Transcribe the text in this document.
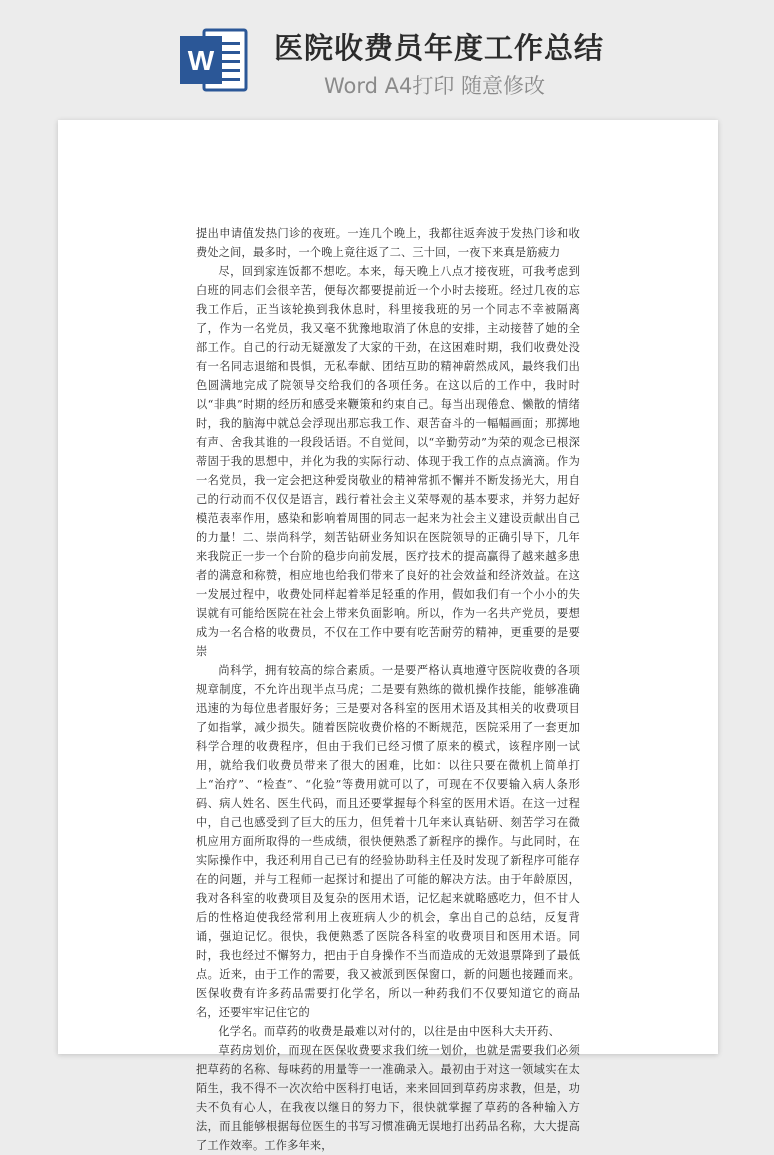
W 医院收费员年度工作总结
Word A4打印 随意修改

提出申请值发热门诊的夜班。一连几个晚上，我都往返奔波于发热门诊和收费处之间，最多时，一个晚上竟往返了二、三十回，一夜下来真是筋疲力

尽，回到家连饭都不想吃。本来，每天晚上八点才接夜班，可我考虑到白班的同志们会很辛苦，便每次都要提前近一个小时去接班。经过几夜的忘我工作后，正当该轮换到我休息时，科里接我班的另一个同志不幸被隔离了，作为一名党员，我又毫不犹豫地取消了休息的安排，主动接替了她的全部工作。自己的行动无疑激发了大家的干劲，在这困难时期，我们收费处没有一名同志退缩和畏惧，无私奉献、团结互助的精神蔚然成风，最终我们出色圆满地完成了院领导交给我们的各项任务。在这以后的工作中，我时时以“非典”时期的经历和感受来鞭策和约束自己。每当出现倦怠、懒散的情绪时，我的脑海中就总会浮现出那忘我工作、艰苦奋斗的一幅幅画面；那掷地有声、舍我其谁的一段段话语。不自觉间，以“辛勤劳动”为荣的观念已根深蒂固于我的思想中，并化为我的实际行动、体现于我工作的点点滴滴。作为一名党员，我一定会把这种爱岗敬业的精神常抓不懈并不断发扬光大，用自己的行动而不仅仅是语言，践行着社会主义荣辱观的基本要求，并努力起好模范表率作用，感染和影响着周围的同志一起来为社会主义建设贡献出自己的力量！二、崇尚科学，刻苦钻研业务知识在医院领导的正确引导下，几年来我院正一步一个台阶的稳步向前发展，医疗技术的提高赢得了越来越多患者的满意和称赞，相应地也给我们带来了良好的社会效益和经济效益。在这一发展过程中，收费处同样起着举足轻重的作用，假如我们有一个小小的失误就有可能给医院在社会上带来负面影响。所以，作为一名共产党员，要想成为一名合格的收费员，不仅在工作中要有吃苦耐劳的精神，更重要的是要崇

尚科学，拥有较高的综合素质。一是要严格认真地遵守医院收费的各项规章制度，不允许出现半点马虎；二是要有熟练的微机操作技能，能够准确迅速的为每位患者服好务；三是要对各科室的医用术语及其相关的收费项目了如指掌，减少损失。随着医院收费价格的不断规范，医院采用了一套更加科学合理的收费程序，但由于我们已经习惯了原来的模式，该程序刚一试用，就给我们收费员带来了很大的困难，比如：以往只要在微机上简单打上“治疗”、“检查”、“化验”等费用就可以了，可现在不仅要输入病人条形码、病人姓名、医生代码，而且还要掌握每个科室的医用术语。在这一过程中，自己也感受到了巨大的压力，但凭着十几年来认真钻研、刻苦学习在微机应用方面所取得的一些成绩，很快便熟悉了新程序的操作。与此同时，在实际操作中，我还利用自己已有的经验协助科主任及时发现了新程序可能存在的问题，并与工程师一起探讨和提出了可能的解决方法。由于年龄原因，我对各科室的收费项目及复杂的医用术语，记忆起来就略感吃力，但不甘人后的性格迫使我经常利用上夜班病人少的机会，拿出自己的总结，反复背诵，强迫记忆。很快，我便熟悉了医院各科室的收费项目和医用术语。同时，我也经过不懈努力，把由于自身操作不当而造成的无效退票降到了最低点。近来，由于工作的需要，我又被派到医保窗口，新的问题也接踵而来。医保收费有许多药品需要打化学名，所以一种药我们不仅要知道它的商品名，还要牢牢记住它的

化学名。而草药的收费是最难以对付的，以往是由中医科大夫开药、

草药房划价，而现在医保收费要求我们统一划价，也就是需要我们必须把草药的名称、每味药的用量等一一准确录入。最初由于对这一领域实在太陌生，我不得不一次次给中医科打电话，来来回回到草药房求教，但是，功夫不负有心人，在我夜以继日的努力下，很快就掌握了草药的各种输入方法，而且能够根据每位医生的书写习惯准确无误地打出药品名称，大大提高了工作效率。工作多年来，
